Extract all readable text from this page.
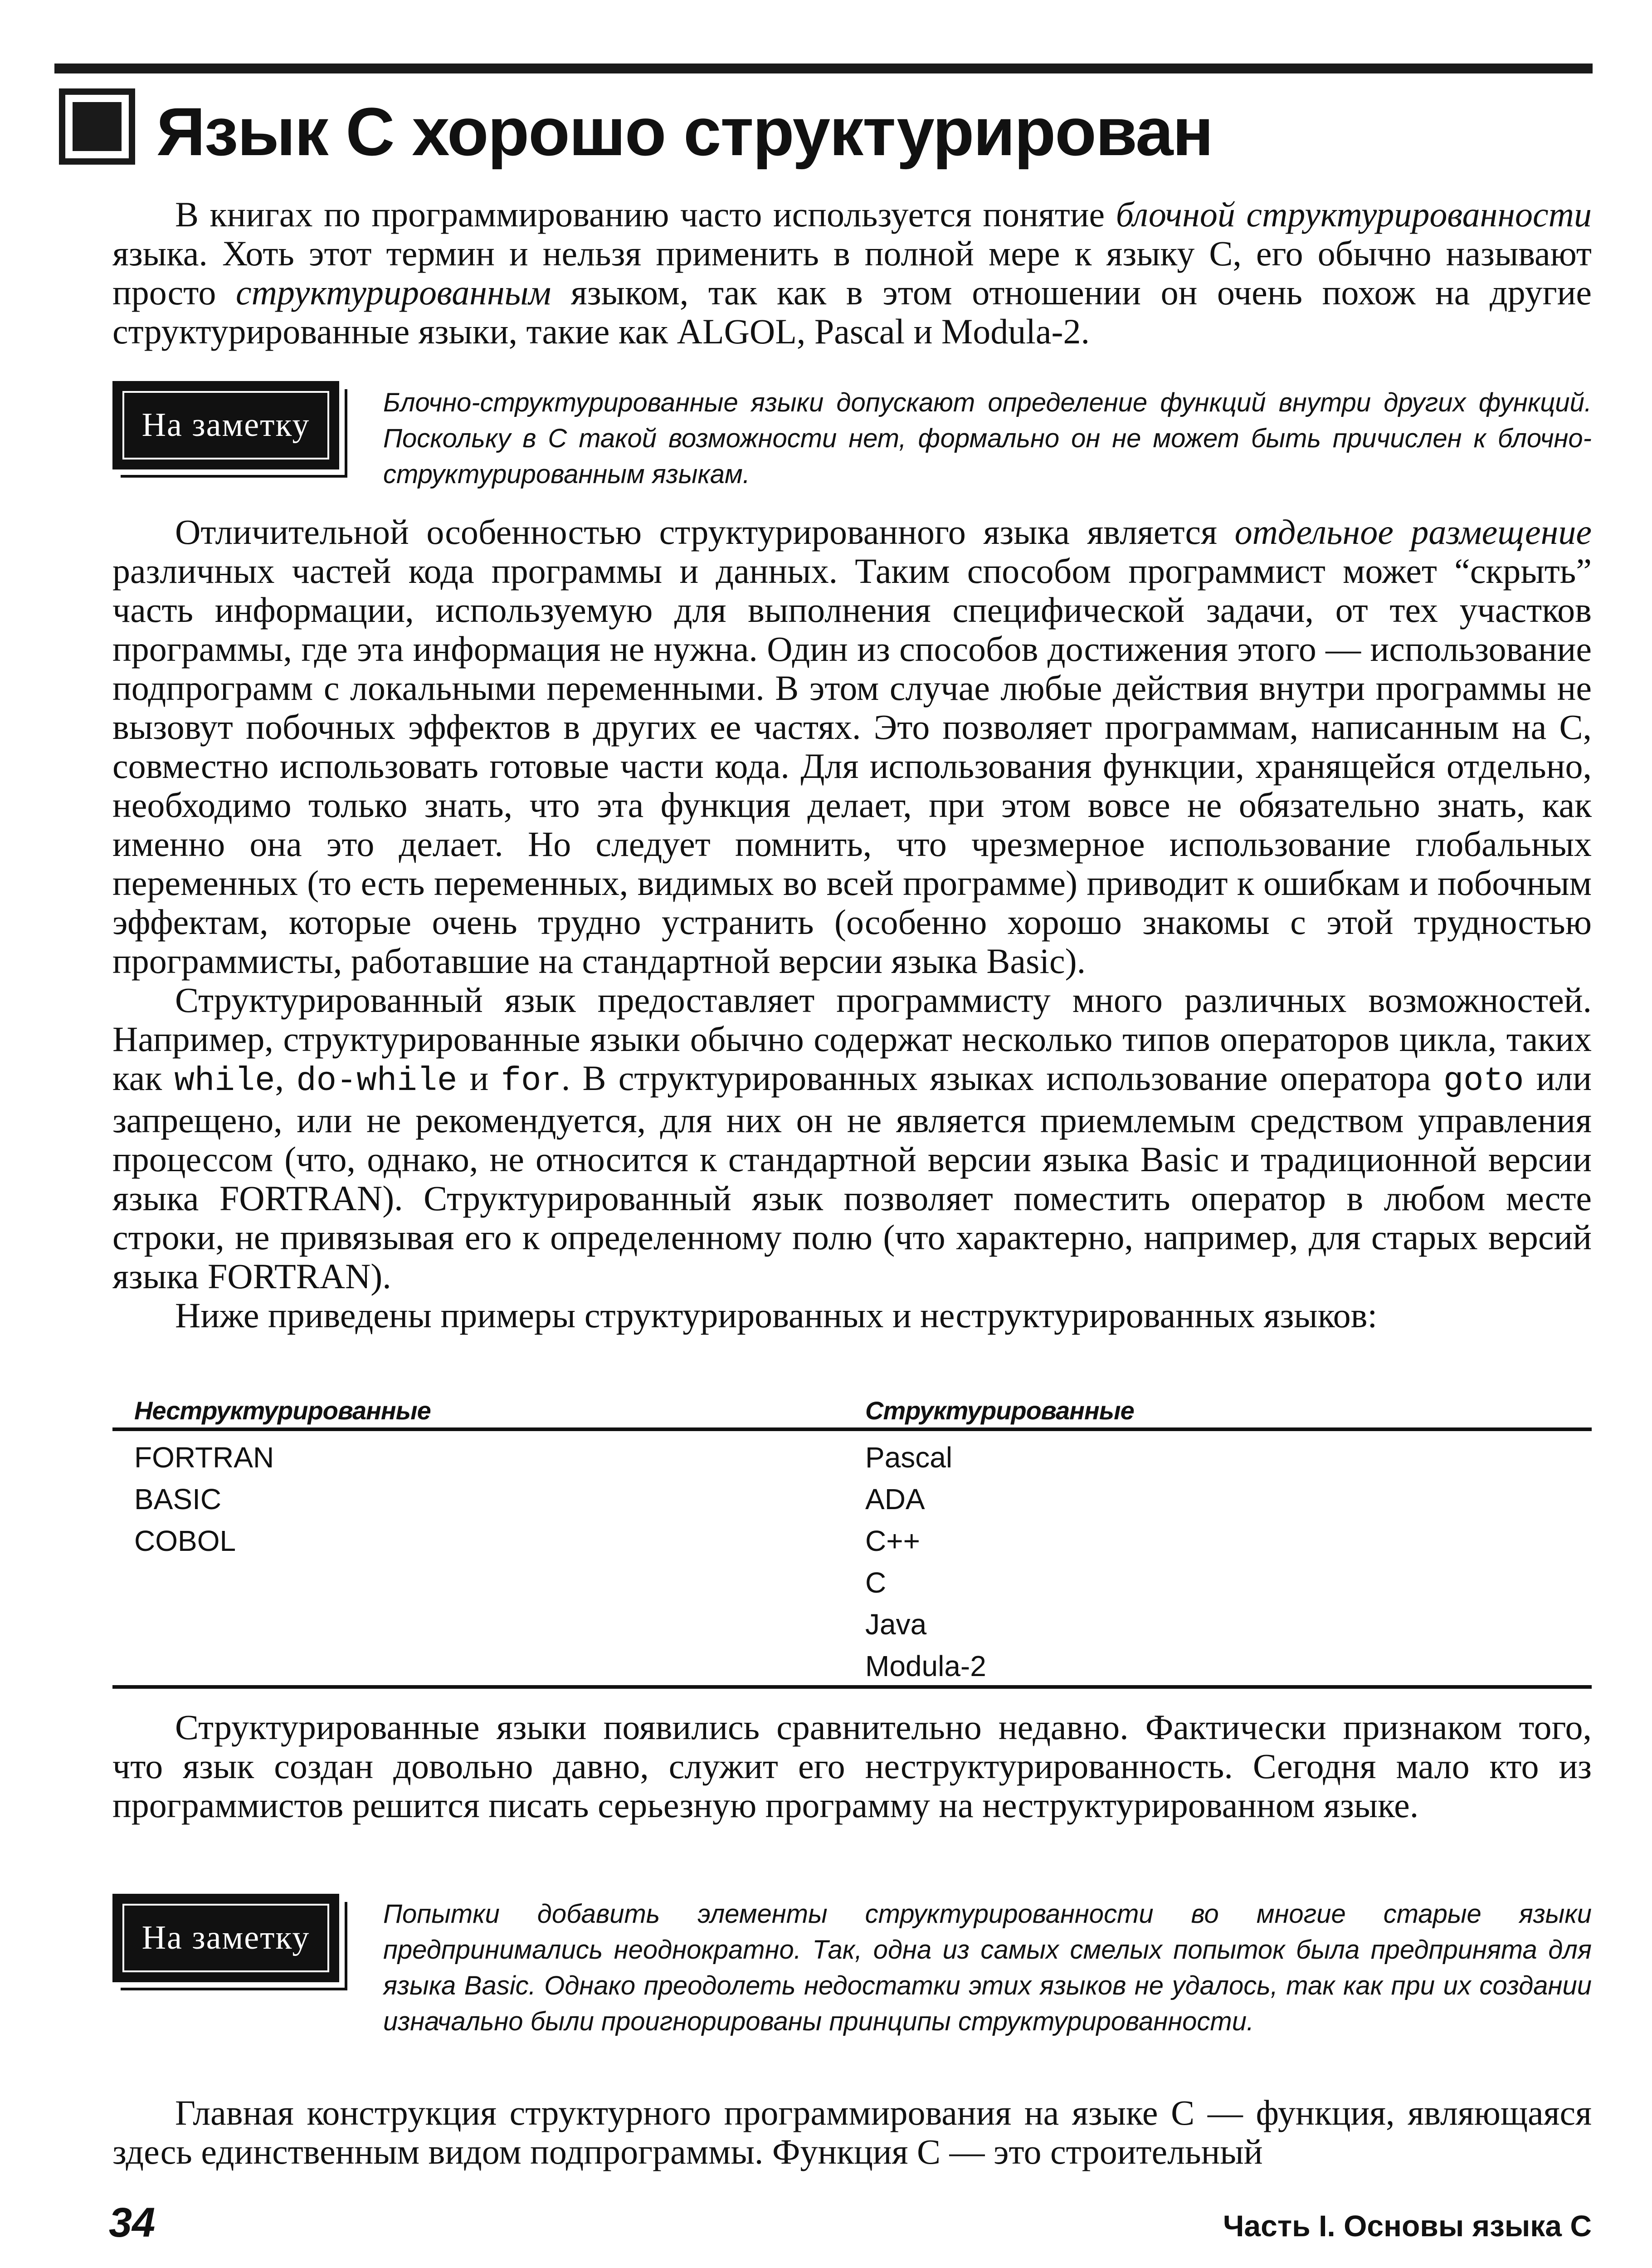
Язык С хорошо структурирован

В книгах по программированию часто используется понятие блочной структурированности языка. Хоть этот термин и нельзя применить в полной мере к языку С, его обычно называют просто структурированным языком, так как в этом отношении он очень похож на другие структурированные языки, такие как ALGOL, Pascal и Modula-2.

На заметку

Блочно-структурированные языки допускают определение функций внутри других функций. Поскольку в С такой возможности нет, формально он не может быть причислен к блочно-структурированным языкам.

Отличительной особенностью структурированного языка является отдельное размещение различных частей кода программы и данных. Таким способом программист может “скрыть” часть информации, используемую для выполнения специфической задачи, от тех участков программы, где эта информация не нужна. Один из способов достижения этого — использование подпрограмм с локальными переменными. В этом случае любые действия внутри программы не вызовут побочных эффектов в других ее частях. Это позволяет программам, написанным на С, совместно использовать готовые части кода. Для использования функции, хранящейся отдельно, необходимо только знать, что эта функция делает, при этом вовсе не обязательно знать, как именно она это делает. Но следует помнить, что чрезмерное использование глобальных переменных (то есть переменных, видимых во всей программе) приводит к ошибкам и побочным эффектам, которые очень трудно устранить (особенно хорошо знакомы с этой трудностью программисты, работавшие на стандартной версии языка Basic).

Структурированный язык предоставляет программисту много различных возможностей. Например, структурированные языки обычно содержат несколько типов операторов цикла, таких как while, do-while и for. В структурированных языках использование оператора goto или запрещено, или не рекомендуется, для них он не является приемлемым средством управления процессом (что, однако, не относится к стандартной версии языка Basic и традиционной версии языка FORTRAN). Структурированный язык позволяет поместить оператор в любом месте строки, не привязывая его к определенному полю (что характерно, например, для старых версий языка FORTRAN).

Ниже приведены примеры структурированных и неструктурированных языков:

Неструктурированные	Структурированные
FORTRAN
BASIC
COBOL
Pascal
ADA
C++
C
Java
Modula-2

Структурированные языки появились сравнительно недавно. Фактически признаком того, что язык создан довольно давно, служит его неструктурированность. Сегодня мало кто из программистов решится писать серьезную программу на неструктурированном языке.

На заметку

Попытки добавить элементы структурированности во многие старые языки предпринимались неоднократно. Так, одна из самых смелых попыток была предпринята для языка Basic. Однако преодолеть недостатки этих языков не удалось, так как при их создании изначально были проигнорированы принципы структурированности.

Главная конструкция структурного программирования на языке С — функция, являющаяся здесь единственным видом подпрограммы. Функция С — это строительный

34	Часть I. Основы языка С
